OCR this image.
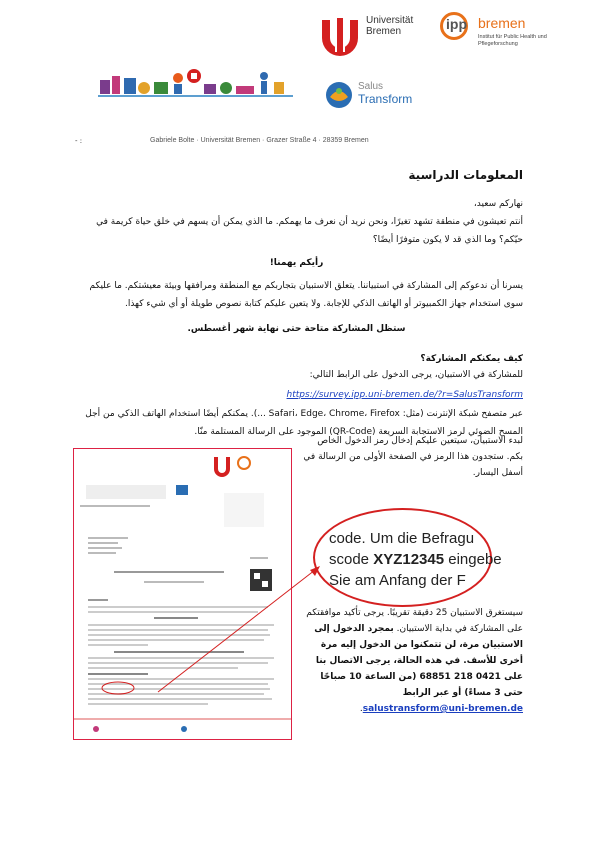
Universität
Bremen	ipp bremen
Institut für Public Health und Pflegeforschung
Salus
Transform
- :	Gabriele Bolte · Universität Bremen · Grazer Straße 4 · 28359 Bremen
المعلومات الدراسية
نهاركم سعيد،
أنتم تعيشون في منطقة تشهد تغيرًا، ونحن نريد أن نعرف ما يهمكم. ما الذي يمكن أن يسهم في خلق حياة كريمة في حيّكم؟ وما الذي قد لا يكون متوفرًا أيضًا؟
رأيكم يهمنا!
يسرنا أن ندعوكم إلى المشاركة في استبياننا. يتعلق الاستبيان بتجاربكم مع المنطقة ومرافقها وبيئة معيشتكم. ما عليكم سوى استخدام جهاز الكمبيوتر أو الهاتف الذكي للإجابة. ولا يتعين عليكم كتابة نصوص طويلة أو أي شيء كهذا.
ستظل المشاركة متاحة حتى نهاية شهر أغسطس.
كيف يمكنكم المشاركة؟
للمشاركة في الاستبيان، يرجى الدخول على الرابط التالي:
https://survey.ipp.uni-bremen.de/?r=SalusTransform
عبر متصفح شبكة الإنترنت (مثل: Safari، Edge، Chrome، Firefox ...). يمكنكم أيضًا استخدام الهاتف الذكي من أجل المسح الضوئي لرمز الاستجابة السريعة (QR-Code) الموجود على الرسالة المستلمة منّا.
لبدء الاستبيان، سيتعين عليكم إدخال رمز الدخول الخاص بكم. ستجدون هذا الرمز في الصفحة الأولى من الرسالة في أسفل اليسار.
code. Um die Befragu
scode XYZ12345 eingebe
Sie am Anfang der F
سيستغرق الاستبيان 25 دقيقة تقريبًا. يرجى تأكيد موافقتكم على المشاركة في بداية الاستبيان. بمجرد الدخول إلى الاستبيان مرة، لن تتمكنوا من الدخول إليه مرة أخرى للأسف. في هذه الحالة، يرجى الاتصال بنا على 0421 218 68851 (من الساعة 10 صباحًا حتى 3 مساءً) أو عبر الرابط salustransform@uni-bremen.de.
